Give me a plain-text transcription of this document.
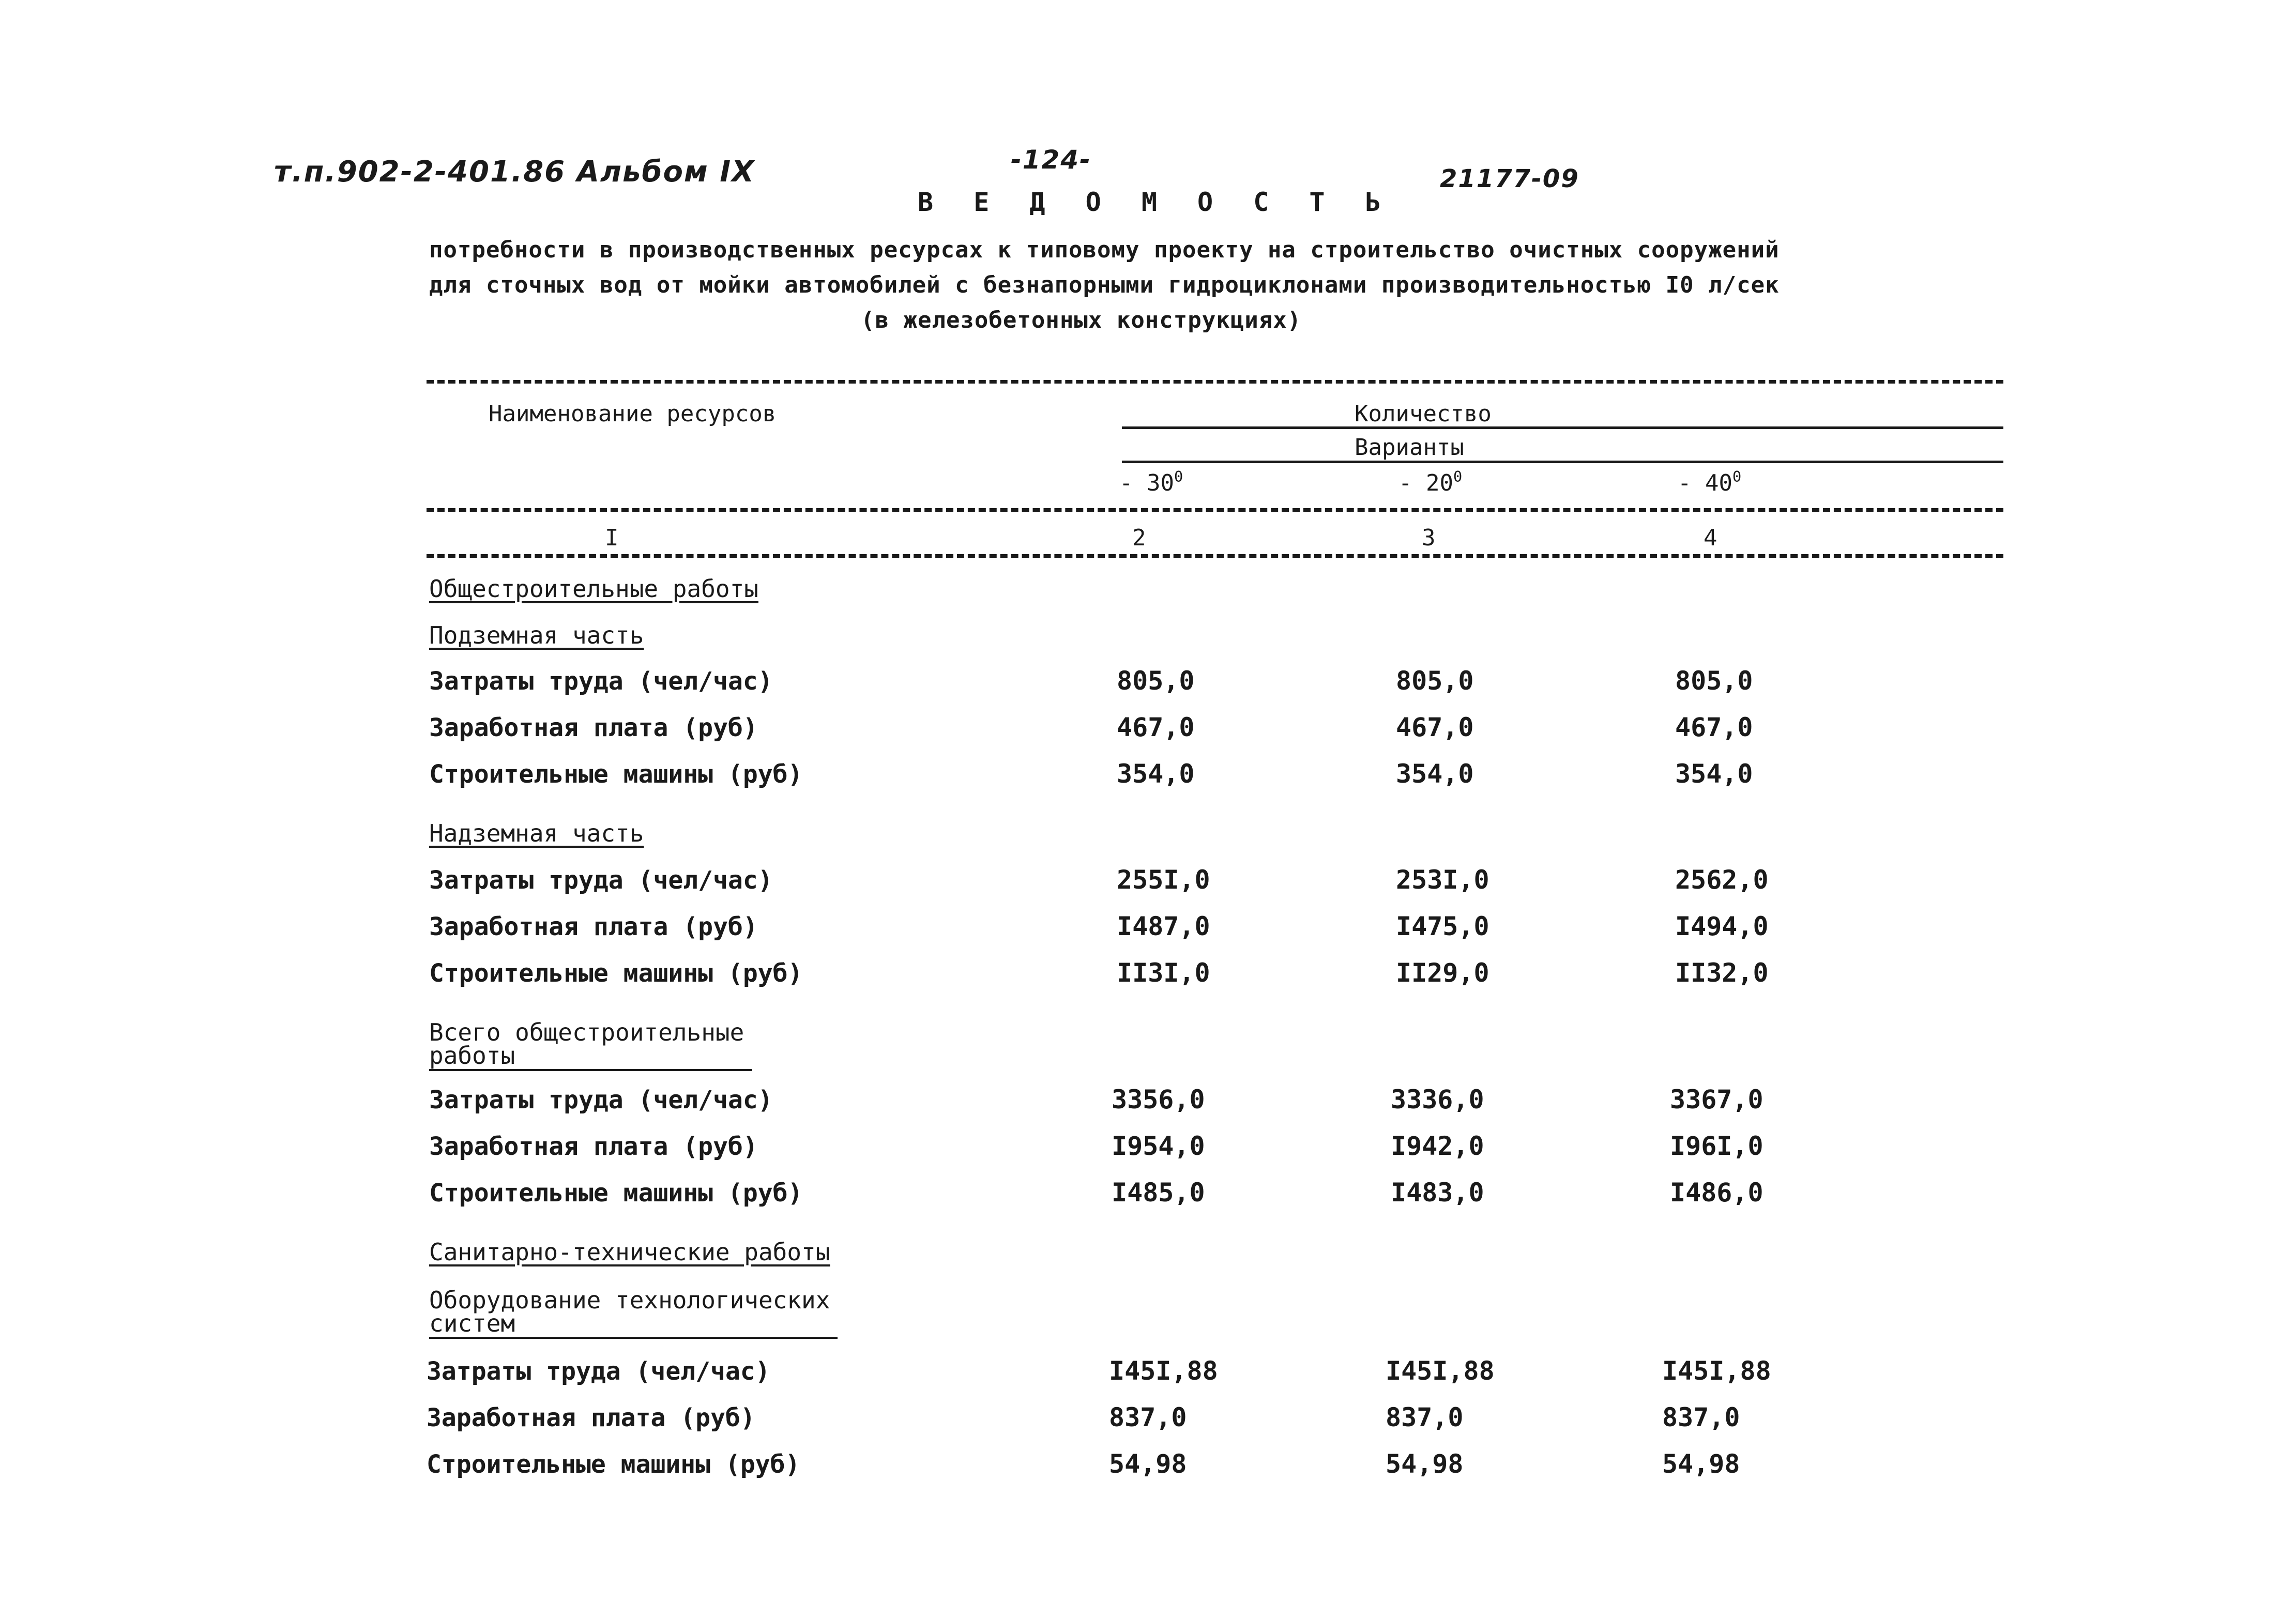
т.п.902-2-401.86 Альбом IX	-124-
21177-09
В Е Д О М О С Т Ь
потребности в производственных ресурсах к типовому проекту на строительство очистных сооружений
для сточных вод от мойки автомобилей с безнапорными гидроциклонами производительностью I0 л/сек
(в железобетонных конструкциях)
Наименование ресурсов	Количество
Варианты
- $30^0$	- $20^0$	- $40^0$
I	2	3	4
Общестроительные работы
Подземная часть
Затраты труда (чел/час)	805,0	805,0	805,0
Заработная плата (руб)	467,0	467,0	467,0
Строительные машины (руб)	354,0	354,0	354,0
Надземная часть
Затраты труда (чел/час)	255I,0	253I,0	2562,0
Заработная плата (руб)	I487,0	I475,0	I494,0
Строительные машины (руб)	II3I,0	II29,0	II32,0
Всего общестроительные
работы
Затраты труда (чел/час)	3356,0	3336,0	3367,0
Заработная плата (руб)	I954,0	I942,0	I96I,0
Строительные машины (руб)	I485,0	I483,0	I486,0
Санитарно-технические работы
Оборудование технологических
систем
Затраты труда (чел/час)	I45I,88	I45I,88	I45I,88
Заработная плата (руб)	837,0	837,0	837,0
Строительные машины (руб)	54,98	54,98	54,98
